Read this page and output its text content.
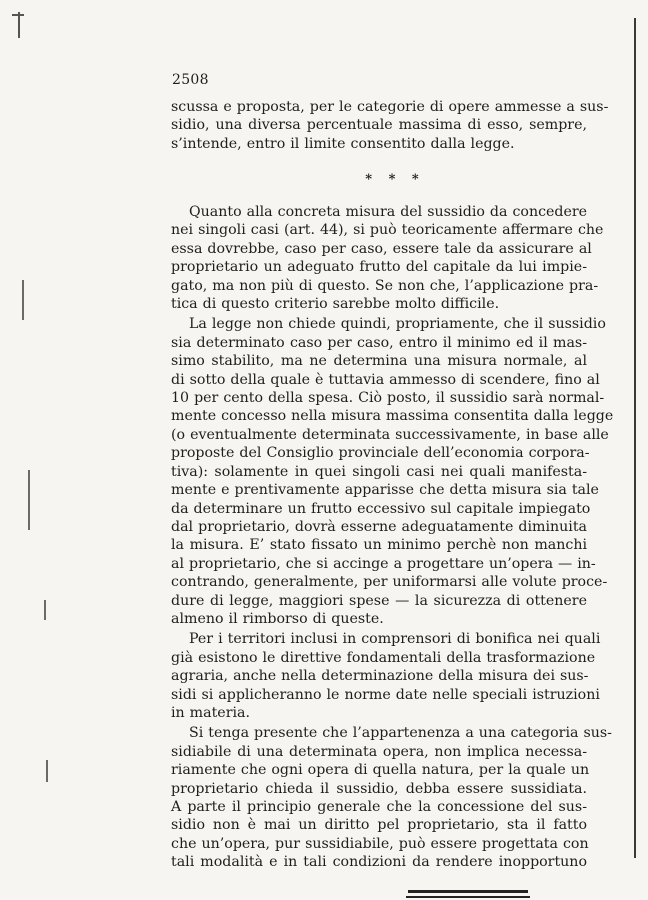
2508
scussa e proposta, per le categorie di opere ammesse a sus-
sidio, una diversa percentuale massima di esso, sempre,
s’intende, entro il limite consentito dalla legge.
* * *
Quanto alla concreta misura del sussidio da concedere
nei singoli casi (art. 44), si può teoricamente affermare che
essa dovrebbe, caso per caso, essere tale da assicurare al
proprietario un adeguato frutto del capitale da lui impie-
gato, ma non più di questo. Se non che, l’applicazione pra-
tica di questo criterio sarebbe molto difficile.
La legge non chiede quindi, propriamente, che il sussidio
sia determinato caso per caso, entro il minimo ed il mas-
simo stabilito, ma ne determina una misura normale, al
di sotto della quale è tuttavia ammesso di scendere, fino al
10 per cento della spesa. Ciò posto, il sussidio sarà normal-
mente concesso nella misura massima consentita dalla legge
(o eventualmente determinata successivamente, in base alle
proposte del Consiglio provinciale dell’economia corpora-
tiva): solamente in quei singoli casi nei quali manifesta-
mente e prentivamente apparisse che detta misura sia tale
da determinare un frutto eccessivo sul capitale impiegato
dal proprietario, dovrà esserne adeguatamente diminuita
la misura. E’ stato fissato un minimo perchè non manchi
al proprietario, che si accinge a progettare un’opera — in-
contrando, generalmente, per uniformarsi alle volute proce-
dure di legge, maggiori spese — la sicurezza di ottenere
almeno il rimborso di queste.
Per i territori inclusi in comprensori di bonifica nei quali
già esistono le direttive fondamentali della trasformazione
agraria, anche nella determinazione della misura dei sus-
sidi si applicheranno le norme date nelle speciali istruzioni
in materia.
Si tenga presente che l’appartenenza a una categoria sus-
sidiabile di una determinata opera, non implica necessa-
riamente che ogni opera di quella natura, per la quale un
proprietario chieda il sussidio, debba essere sussidiata.
A parte il principio generale che la concessione del sus-
sidio non è mai un diritto pel proprietario, sta il fatto
che un’opera, pur sussidiabile, può essere progettata con
tali modalità e in tali condizioni da rendere inopportuno
